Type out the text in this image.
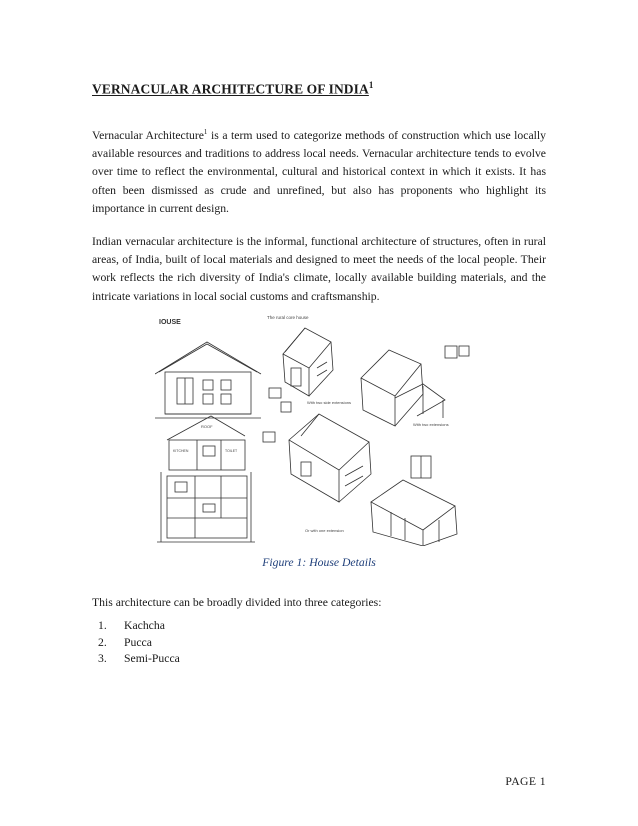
VERNACULAR ARCHITECTURE OF INDIA$^1$

Vernacular Architecture$^1$ is a term used to categorize methods of construction which use locally available resources and traditions to address local needs. Vernacular architecture tends to evolve over time to reflect the environmental, cultural and historical context in which it exists. It has often been dismissed as crude and unrefined, but also has proponents who highlight its importance in current design.

Indian vernacular architecture is the informal, functional architecture of structures, often in rural areas, of India, built of local materials and designed to meet the needs of the local people. Their work reflects the rich diversity of India's climate, locally available building materials, and the intricate variations in local social customs and craftsmanship.

IOUSE
The rural core house
ROOF
KITCHEN	TOILET
With two side extensions
With two extensions
Or with one extension
Figure 1: House Details

This architecture can be broadly divided into three categories:

1.	Kachcha
2.	Pucca
3.	Semi-Pucca
PAGE 1
